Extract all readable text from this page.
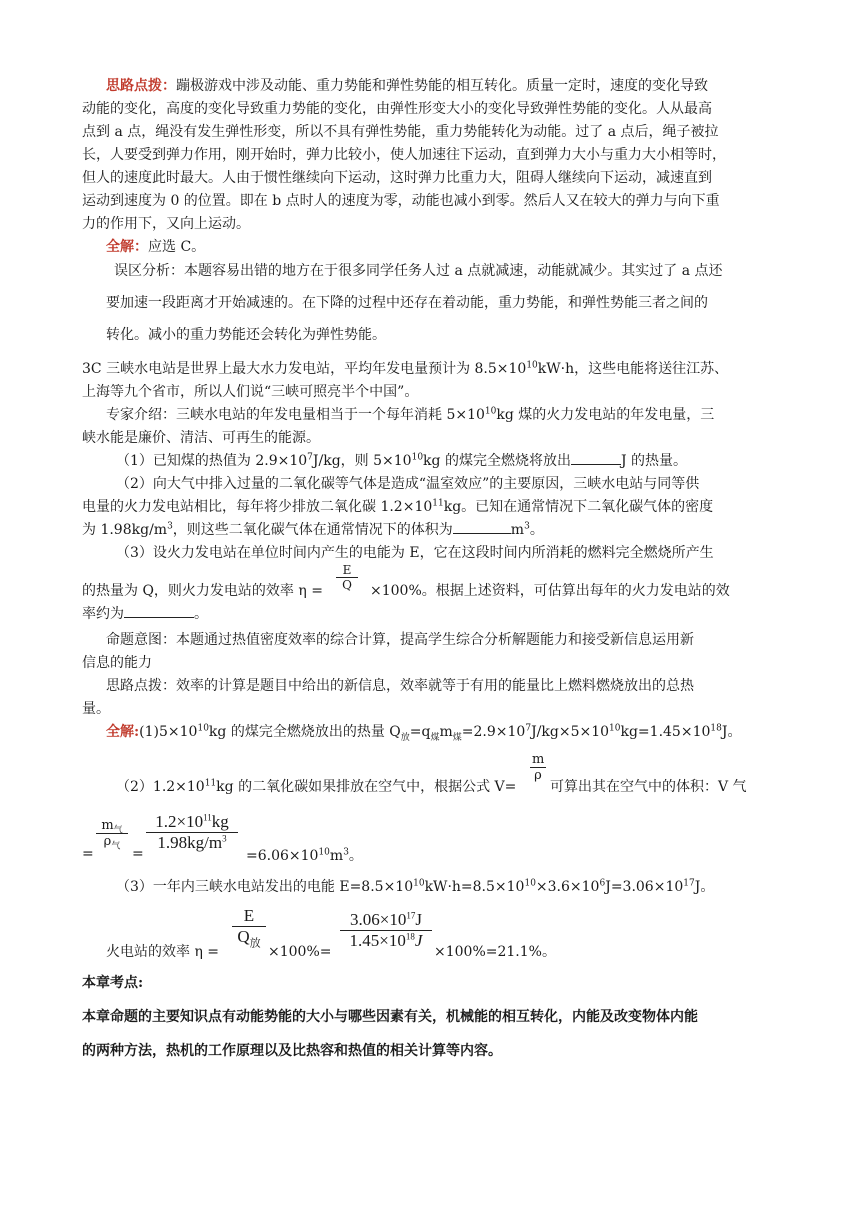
思路点拨：蹦极游戏中涉及动能、重力势能和弹性势能的相互转化。质量一定时，速度的变化导致
动能的变化，高度的变化导致重力势能的变化，由弹性形变大小的变化导致弹性势能的变化。人从最高
点到 a 点，绳没有发生弹性形变，所以不具有弹性势能，重力势能转化为动能。过了 a 点后，绳子被拉
长，人要受到弹力作用，刚开始时，弹力比较小，使人加速往下运动，直到弹力大小与重力大小相等时，
但人的速度此时最大。人由于惯性继续向下运动，这时弹力比重力大，阻碍人继续向下运动，减速直到
运动到速度为 0 的位置。即在 b 点时人的速度为零，动能也减小到零。然后人又在较大的弹力与向下重
力的作用下，又向上运动。
全解：应选 C。
误区分析：本题容易出错的地方在于很多同学任务人过 a 点就减速，动能就减少。其实过了 a 点还
要加速一段距离才开始减速的。在下降的过程中还存在着动能，重力势能，和弹性势能三者之间的
转化。减小的重力势能还会转化为弹性势能。
3C 三峡水电站是世界上最大水力发电站，平均年发电量预计为 $8.5\times 10^{10}kW\cdot h$，这些电能将送往江苏、
上海等九个省市，所以人们说“三峡可照亮半个中国”。
专家介绍：三峡水电站的年发电量相当于一个每年消耗 $5\times 10^{10}kg$ 煤的火力发电站的年发电量，三
峡水能是廉价、清洁、可再生的能源。
（1）已知煤的热值为 $2.9\times 10^7J/kg$，则 $5\times 10^{10}kg$ 的煤完全燃烧将放出	J 的热量。
（2）向大气中排入过量的二氧化碳等气体是造成“温室效应”的主要原因，三峡水电站与同等供
电量的火力发电站相比，每年将少排放二氧化碳 $1.2\times 10^{11}kg$。已知在通常情况下二氧化碳气体的密度
为 $1.98kg/m^3$，则这些二氧化碳气体在通常情况下的体积为	$m^3$。
（3）设火力发电站在单位时间内产生的电能为 E，它在这段时间内所消耗的燃料完全燃烧所产生
的热量为 Q，则火力发电站的效率 $\eta = \frac{E}{Q} \times 100\%$。根据上述资料，可估算出每年的火力发电站的效
率约为	。
命题意图：本题通过热值密度效率的综合计算，提高学生综合分析解题能力和接受新信息运用新
信息的能力
思路点拨：效率的计算是题目中给出的新信息，效率就等于有用的能量比上燃料燃烧放出的总热
量。
全解$:(1)5\times 10^{10}kg$ 的煤完全燃烧放出的热量 $Q_放=q_煤m_煤=2.9\times 10^7J/kg\times 5\times 10^{10}kg=1.45\times 10^{18}J$。
$(2)1.2\times 10^{11}kg$ 的二氧化碳如果排放在空气中，根据公式 V=
$\frac{m}{\rho}$
可算出其在空气中的体积：V 气
=
$m_气$
$\rho_气$ =
$\frac{1.2\times 10^{11}kg}{1.98kg/m^3}$
$=6.06\times 10^{10}m^3$。
（3）一年内三峡水电站发出的电能 $E=8.5\times 10^{10}kW\cdot h=8.5\times 10^{10}\times 3.6\times 10^6J=3.06\times 10^{17}J$。
火电站的效率 η =
E
$Q_放$
×100%=
$\frac{3.06\times 10^{17}J}{1.45\times 10^{18}J}$
×100%=21.1%。
本章考点:
本章命题的主要知识点有动能势能的大小与哪些因素有关，机械能的相互转化，内能及改变物体内能
的两种方法，热机的工作原理以及比热容和热值的相关计算等内容。
